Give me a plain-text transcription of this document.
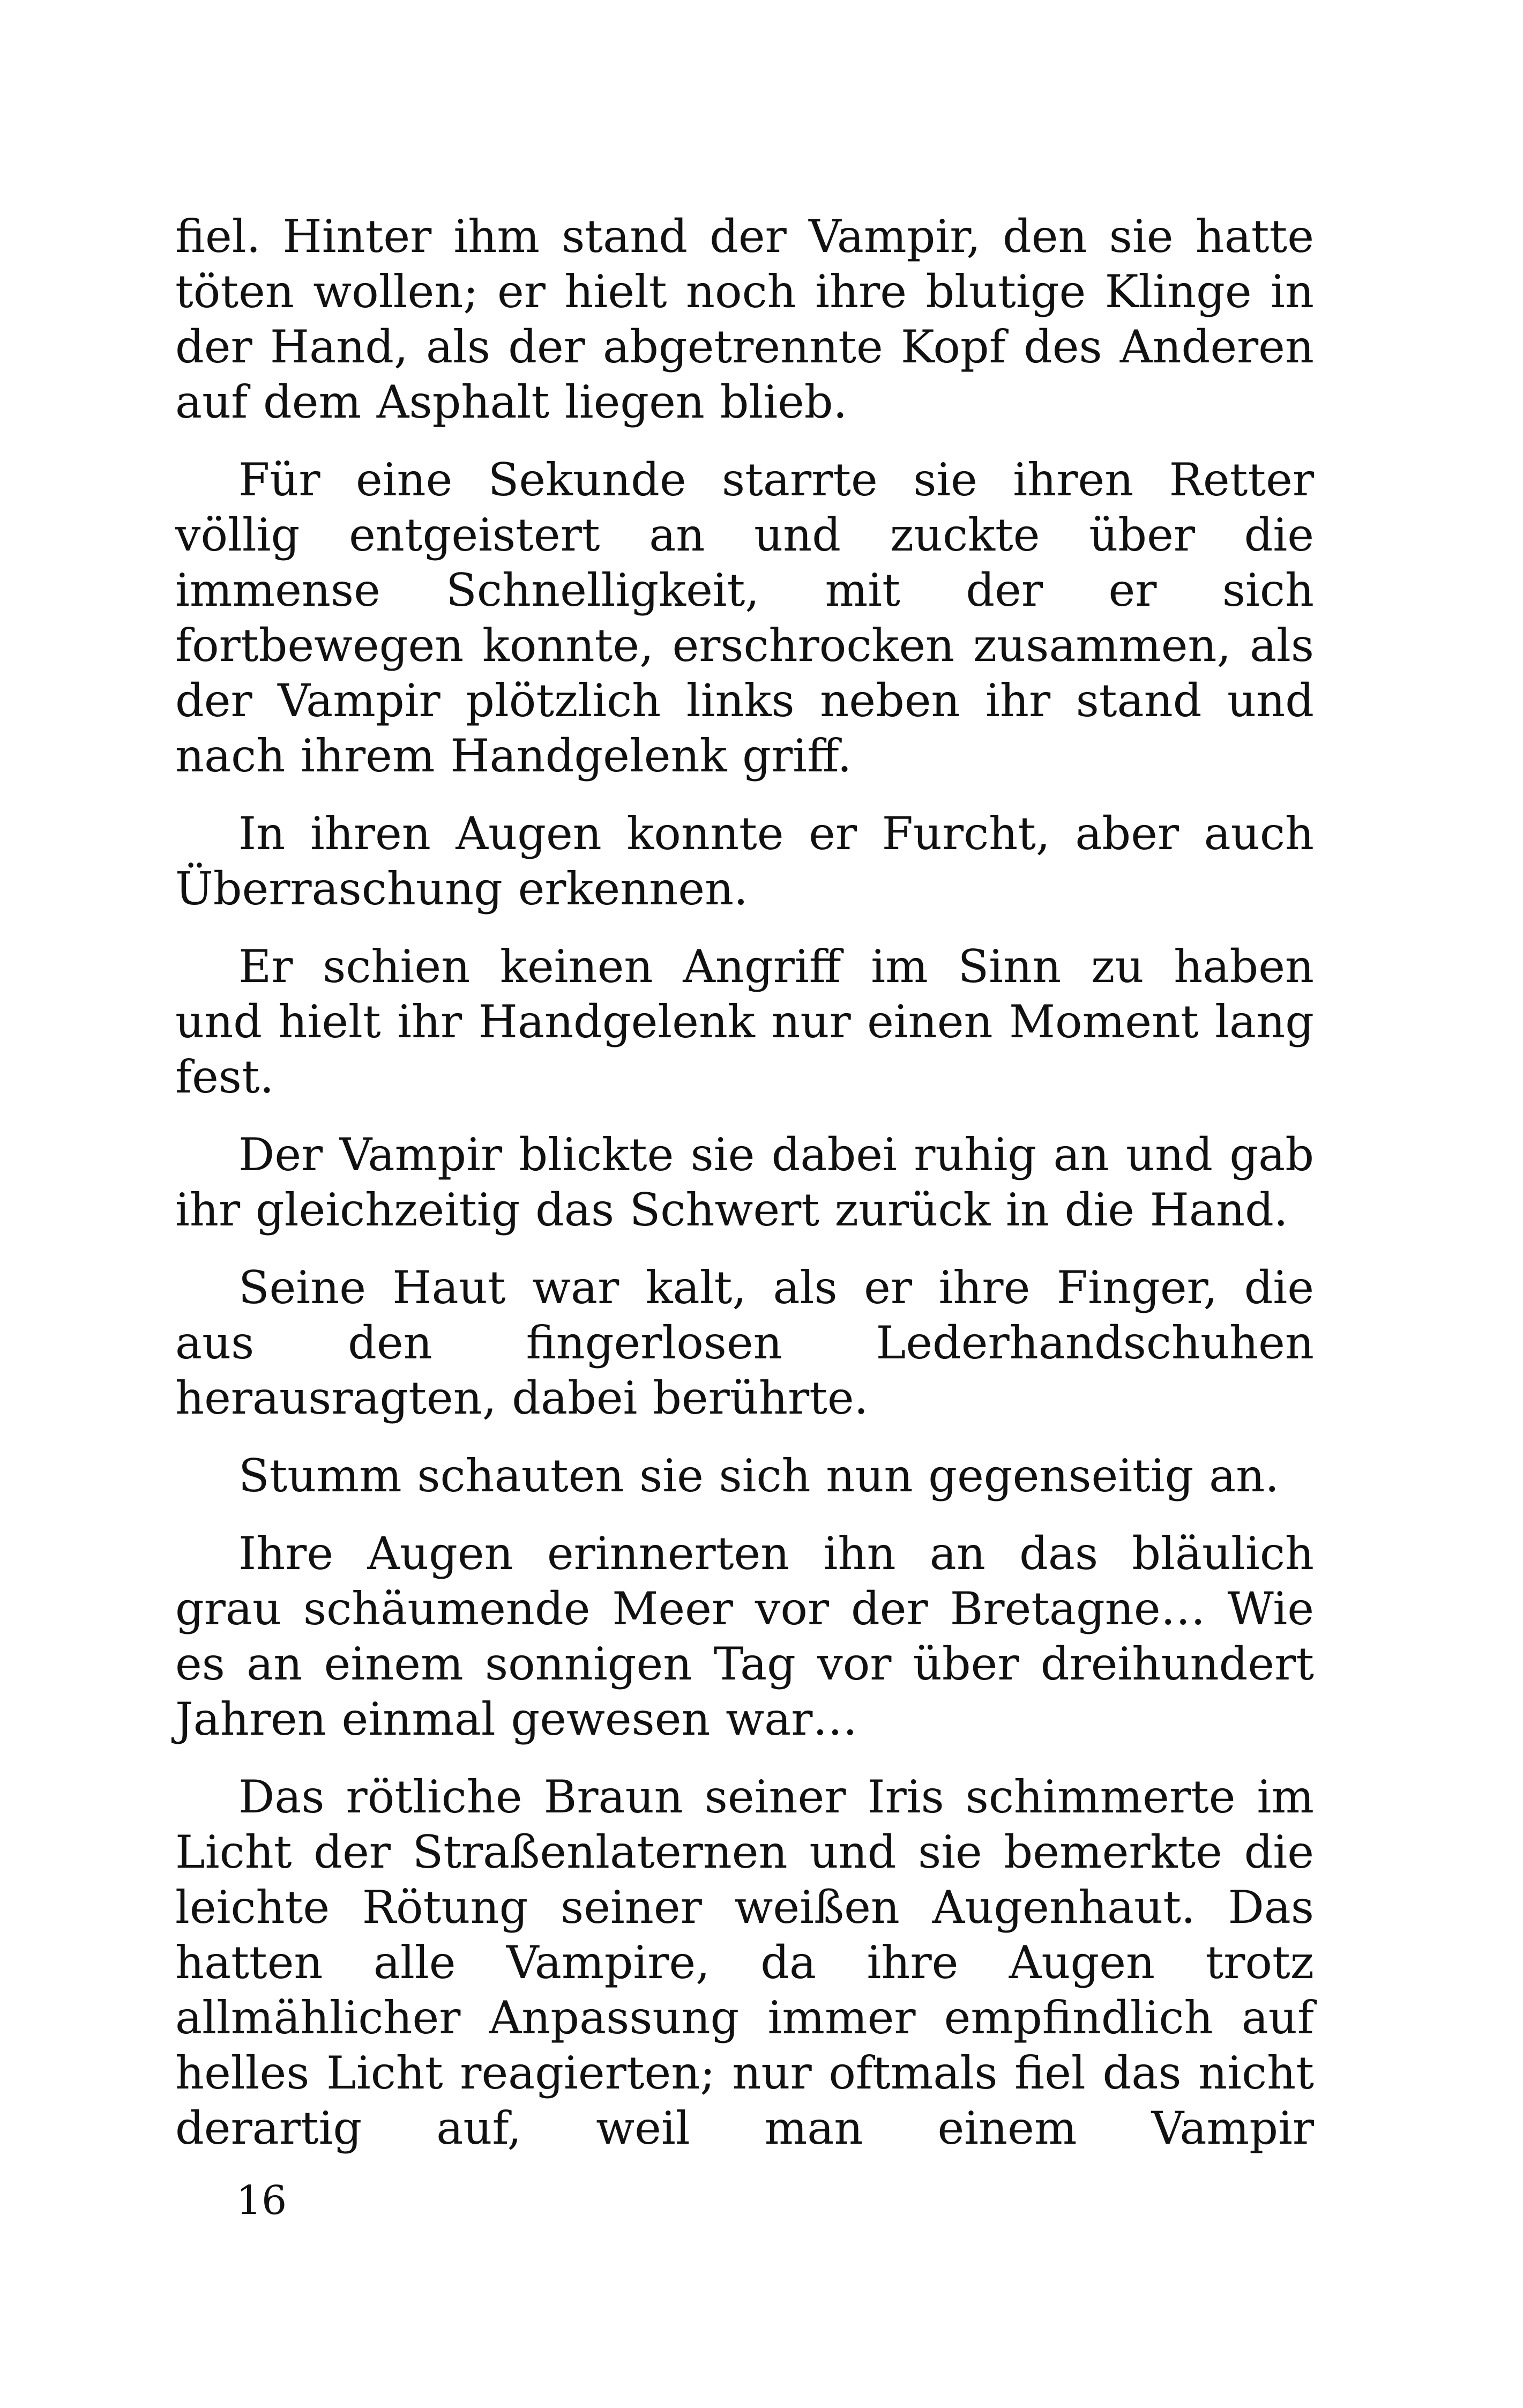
fiel. Hinter ihm stand der Vampir, den sie hatte töten wollen; er hielt noch ihre blutige Klinge in der Hand, als der abgetrennte Kopf des Anderen auf dem Asphalt liegen blieb.

Für eine Sekunde starrte sie ihren Retter völlig entgeistert an und zuckte über die immense Schnelligkeit, mit der er sich fortbewegen konnte, erschrocken zusammen, als der Vampir plötzlich links neben ihr stand und nach ihrem Handgelenk griff.

In ihren Augen konnte er Furcht, aber auch Überraschung erkennen.

Er schien keinen Angriff im Sinn zu haben und hielt ihr Handgelenk nur einen Moment lang fest.

Der Vampir blickte sie dabei ruhig an und gab ihr gleichzeitig das Schwert zurück in die Hand.

Seine Haut war kalt, als er ihre Finger, die aus den fingerlosen Lederhandschuhen herausragten, dabei berührte.

Stumm schauten sie sich nun gegenseitig an.

Ihre Augen erinnerten ihn an das bläulich grau schäumende Meer vor der Bretagne… Wie es an einem sonnigen Tag vor über dreihundert Jahren einmal gewesen war…

Das rötliche Braun seiner Iris schimmerte im Licht der Straßenlaternen und sie bemerkte die leichte Rötung seiner weißen Augenhaut. Das hatten alle Vampire, da ihre Augen trotz allmählicher Anpassung immer empfindlich auf helles Licht reagierten; nur oftmals fiel das nicht derartig auf, weil man einem Vampir

16
